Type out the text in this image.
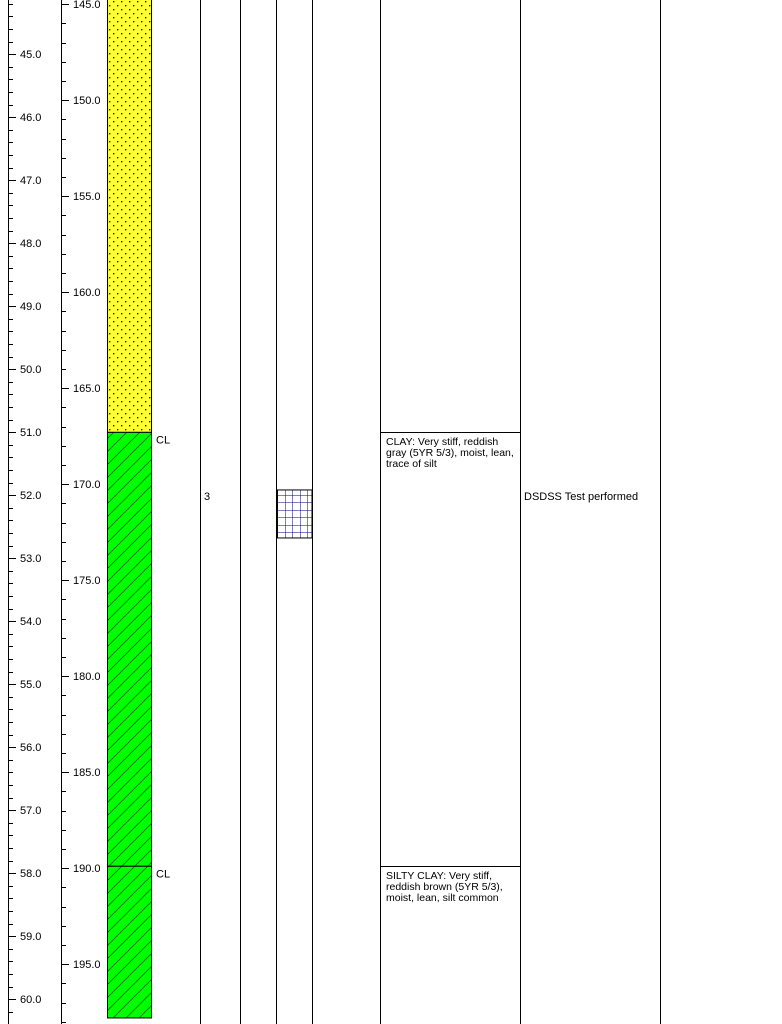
45.0
46.0
47.0
48.0
49.0
50.0
51.0
52.0
53.0
54.0
55.0
56.0
57.0
58.0
59.0
60.0
145.0
150.0
155.0
160.0
165.0
170.0
175.0
180.0
185.0
190.0
195.0
CL
CL
3	DSDSS Test performed
CLAY: Very stiff, reddish gray (5YR 5/3), moist, lean, trace of silt
SILTY CLAY: Very stiff, reddish brown (5YR 5/3), moist, lean, silt common
